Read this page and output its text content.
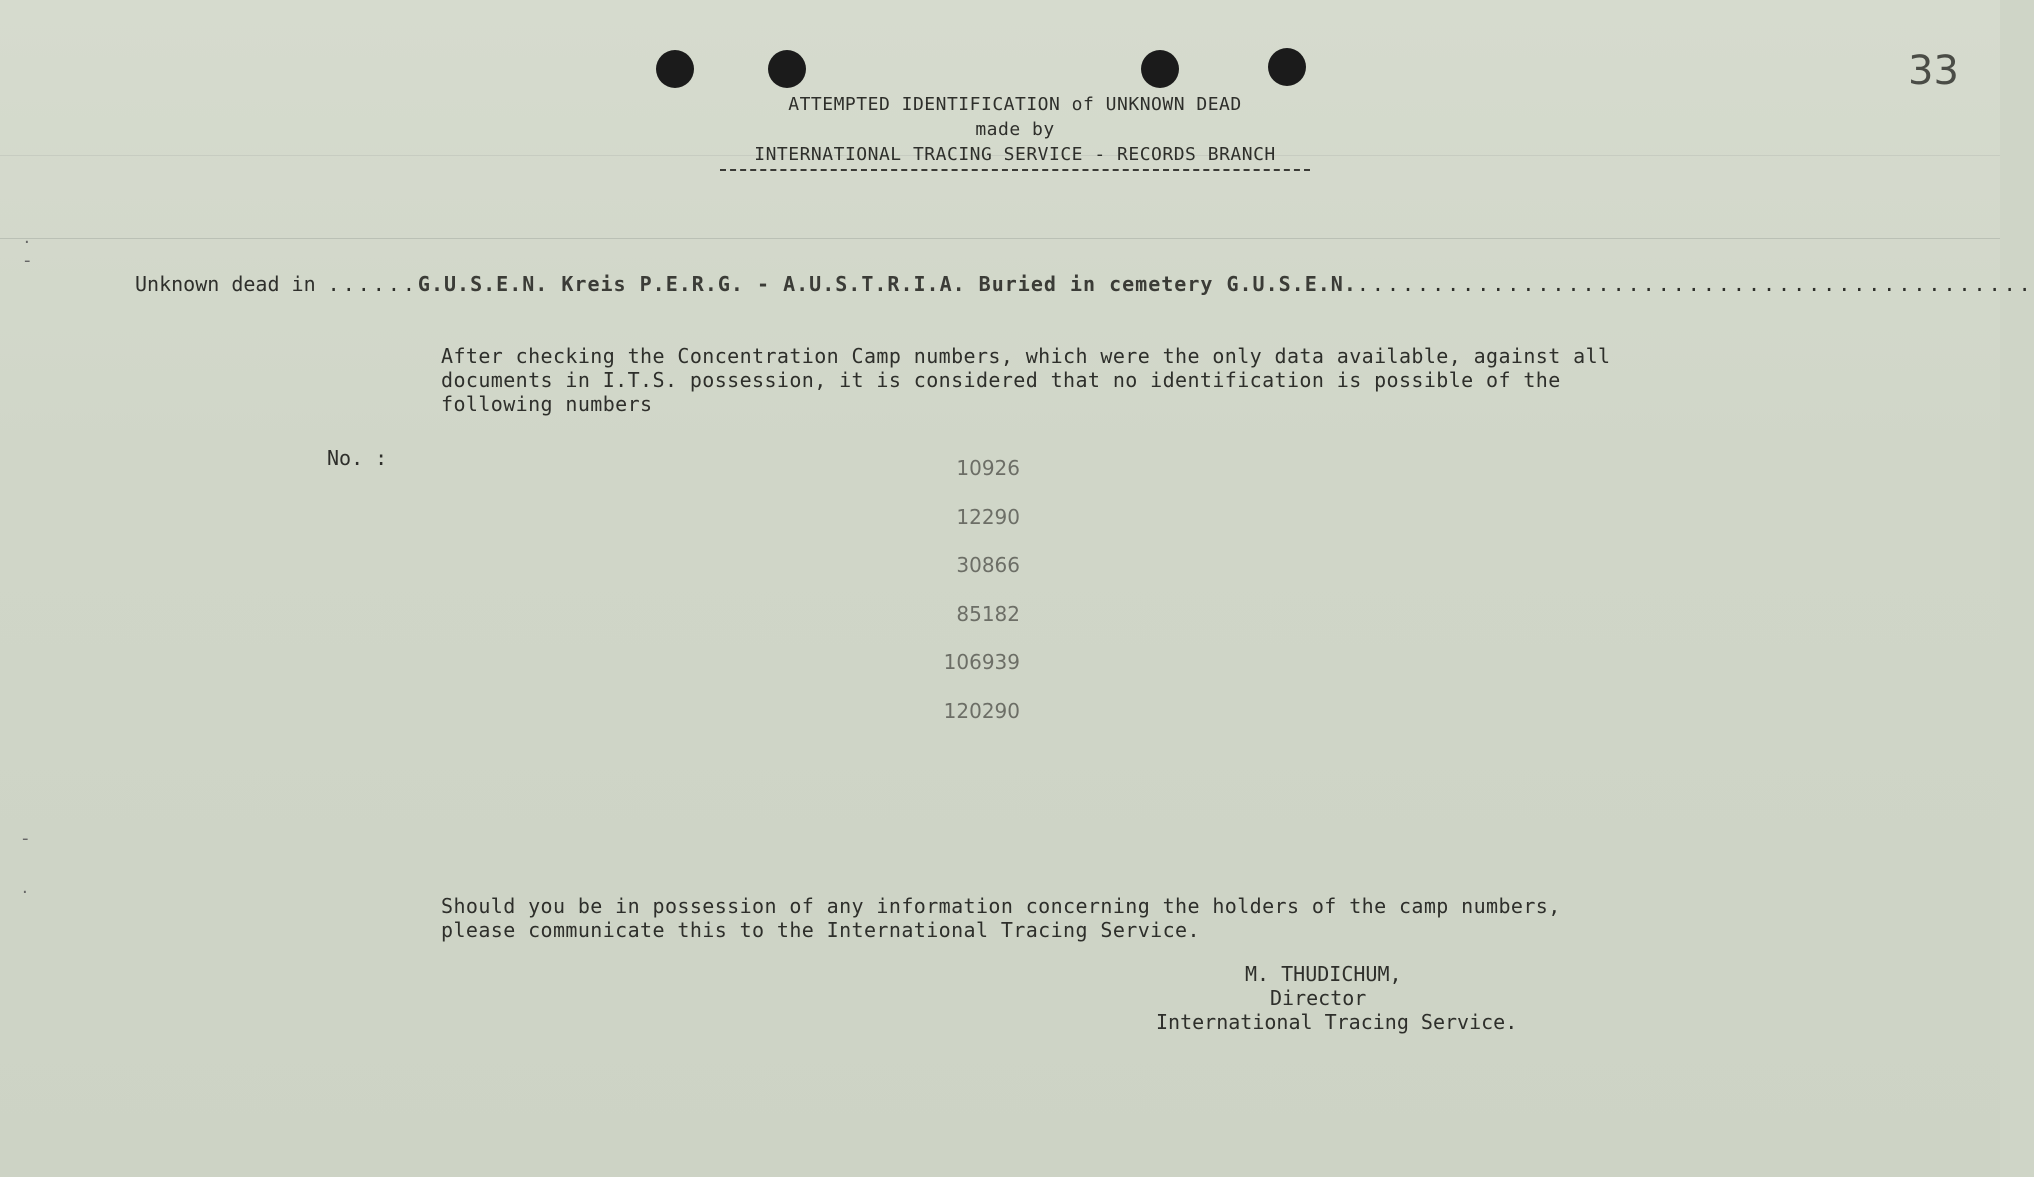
33
·
-
-
·
ATTEMPTED IDENTIFICATION of UNKNOWN DEAD
made by
INTERNATIONAL TRACING SERVICE - RECORDS BRANCH
Unknown dead in ......G.U.S.E.N. Kreis P.E.R.G. - A.U.S.T.R.I.A. Buried in cemetery G.U.S.E.N..............................................
After checking the Concentration Camp numbers, which were the only data available, against all
documents in I.T.S. possession, it is considered that no identification is possible of the
following numbers
No. :	10926
12290
30866
85182
106939
120290
Should you be in possession of any information concerning the holders of the camp numbers,
please communicate this to the International Tracing Service.
M. THUDICHUM,
Director
International Tracing Service.
